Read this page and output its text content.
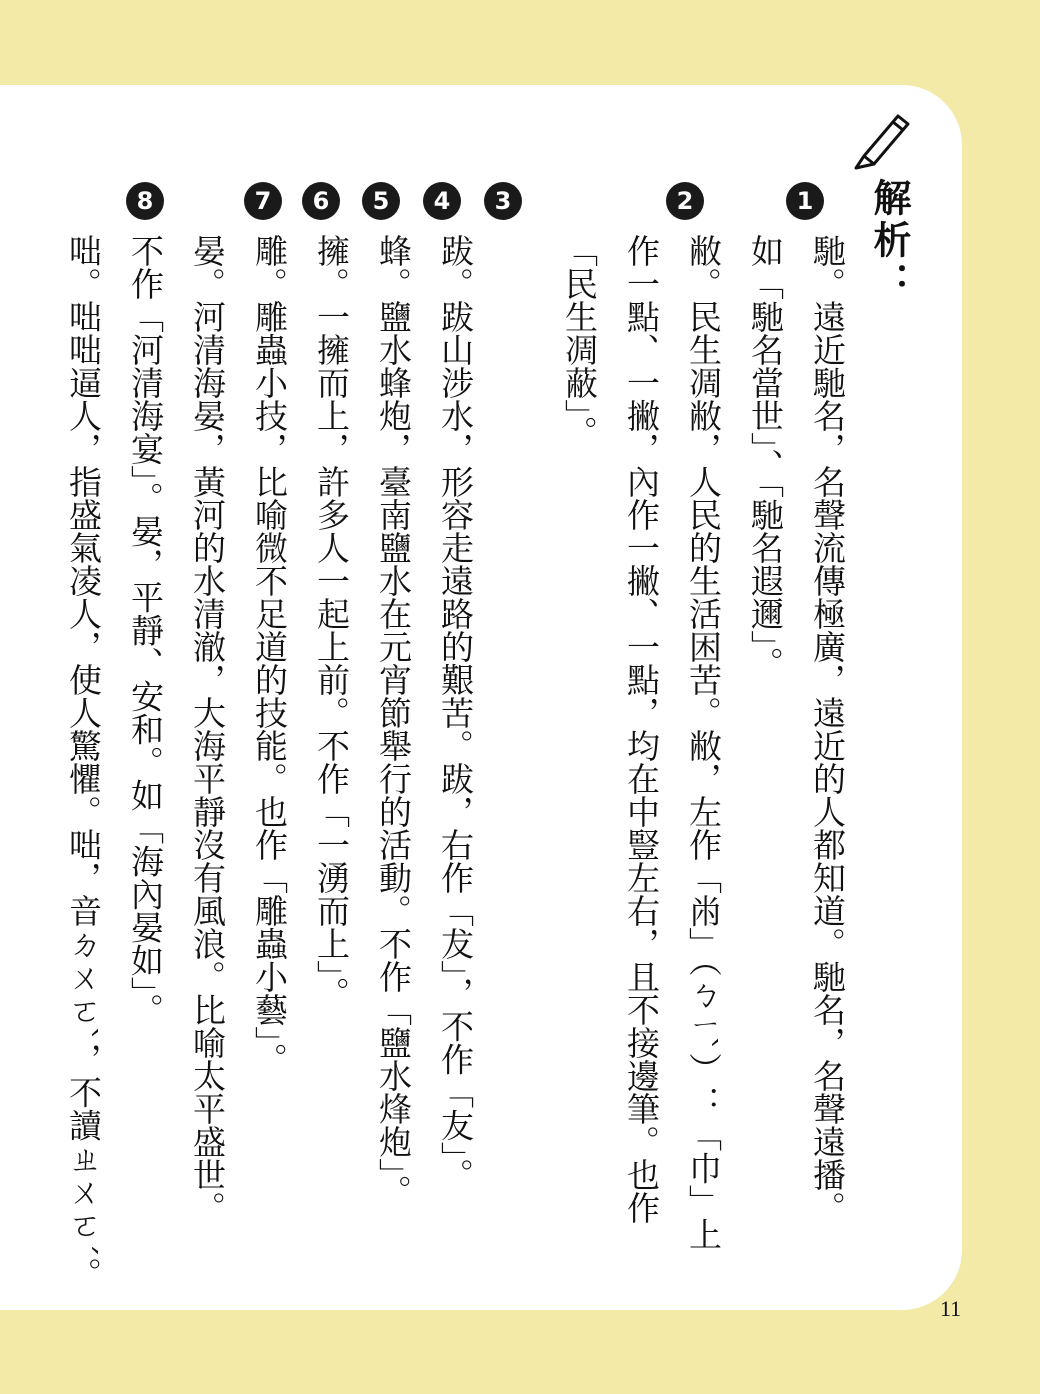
解析：
1
2
3
4
5
6
7
8
馳。遠近馳名，名聲流傳極廣，遠近的人都知道。馳名，名聲遠播。
如「馳名當世」、「馳名遐邇」。
敝。民生凋敝，人民的生活困苦。敝，左作「㡀」（ㄅㄧˋ）：「巾」上
作一點、一撇，內作一撇、一點，均在中豎左右，且不接邊筆。也作
「民生凋蔽」。
跋。跋山涉水，形容走遠路的艱苦。跋，右作「犮」，不作「友」。
蜂。鹽水蜂炮，臺南鹽水在元宵節舉行的活動。不作「鹽水烽炮」。
擁。一擁而上，許多人一起上前。不作「一湧而上」。
雕。雕蟲小技，比喻微不足道的技能。也作「雕蟲小藝」。
晏。河清海晏，黃河的水清澈，大海平靜沒有風浪。比喻太平盛世。
不作「河清海宴」。晏，平靜、安和。如「海內晏如」。
咄。咄咄逼人，指盛氣凌人，使人驚懼。咄，音ㄉㄨㄛˋ，不讀ㄓㄨㄛˊ。
11
